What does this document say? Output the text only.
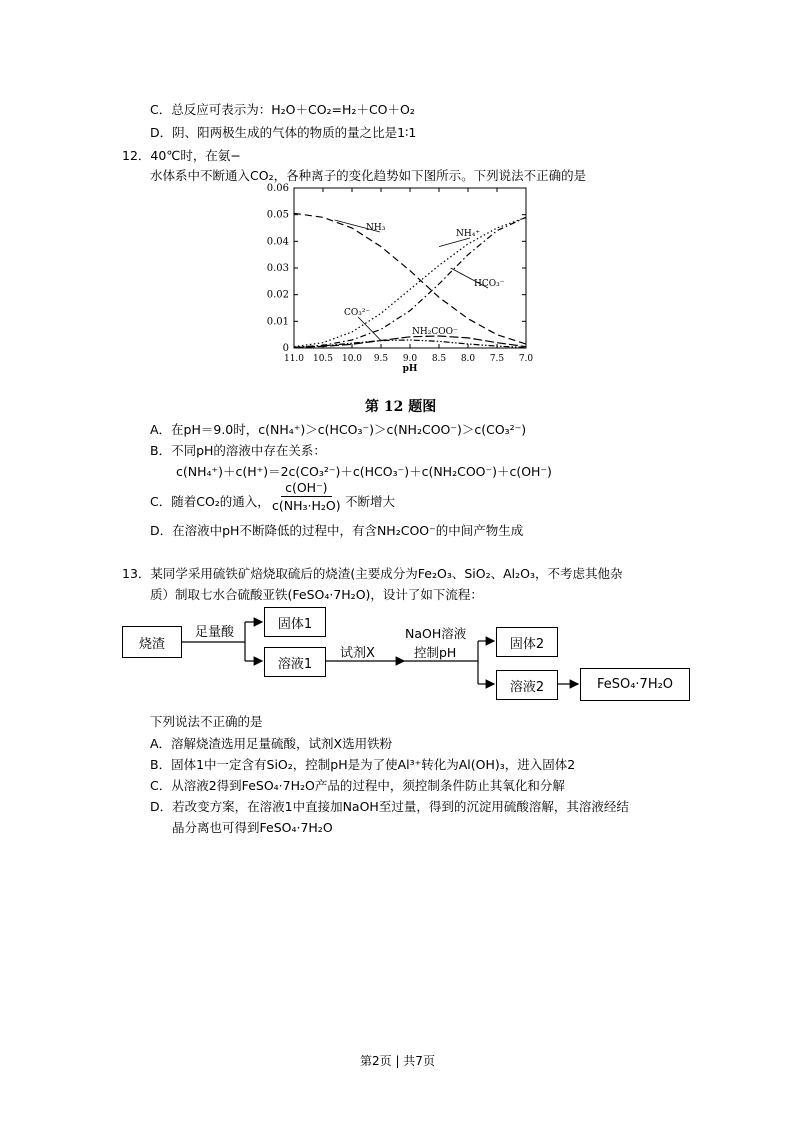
C．总反应可表示为：H₂O＋CO₂=H₂＋CO＋O₂
D．阴、阳两极生成的气体的物质的量之比是1∶1
12．40℃时，在氨−
水体系中不断通入CO₂，各种离子的变化趋势如下图所示。下列说法不正确的是
11.0 10.5 10.0 9.5 9.0 8.5 8.0 7.5 7.0
0
0.01
0.02
0.03
0.04
0.05
0.06
pH
NH₃
NH₄⁺
HCO₃⁻
CO₃²⁻
NH₂COO⁻
第 12 题图
A．在pH＝9.0时，c(NH₄⁺)＞c(HCO₃⁻)＞c(NH₂COO⁻)＞c(CO₃²⁻)
B．不同pH的溶液中存在关系：
c(NH₄⁺)＋c(H⁺)＝2c(CO₃²⁻)＋c(HCO₃⁻)＋c(NH₂COO⁻)＋c(OH⁻)
C．随着CO₂的通入，
$\frac{c(OH^-)}{\text{c(NH₃·H₂O)}}$ 不断增大
D．在溶液中pH不断降低的过程中，有含NH₂COO⁻的中间产物生成
13．某同学采用硫铁矿焙烧取硫后的烧渣(主要成分为Fe₂O₃、SiO₂、Al₂O₃，不考虑其他杂
质）制取七水合硫酸亚铁(FeSO₄·7H₂O)，设计了如下流程：
烧渣
足量酸
固体1
溶液1
试剂X
NaOH溶液
控制pH
固体2
溶液2	FeSO₄·7H₂O
下列说法不正确的是
A．溶解烧渣选用足量硫酸，试剂X选用铁粉
B．固体1中一定含有SiO₂，控制pH是为了使Al³⁺转化为Al(OH)₃，进入固体2
C．从溶液2得到FeSO₄·7H₂O产品的过程中，须控制条件防止其氧化和分解
D．若改变方案，在溶液1中直接加NaOH至过量，得到的沉淀用硫酸溶解，其溶液经结
晶分离也可得到FeSO₄·7H₂O
第2页 | 共7页
